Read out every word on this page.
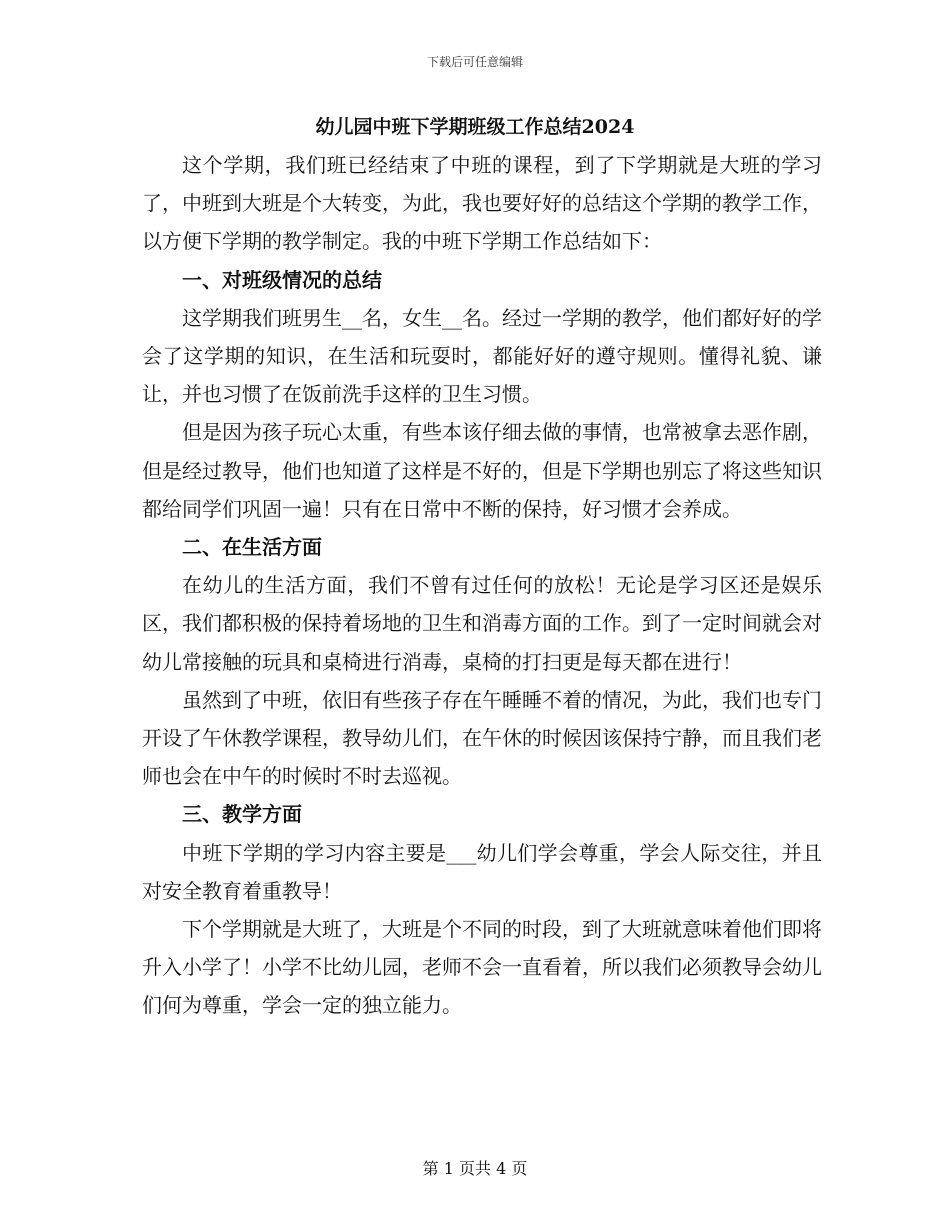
下载后可任意编辑
幼儿园中班下学期班级工作总结2024

这个学期，我们班已经结束了中班的课程，到了下学期就是大班的学习了，中班到大班是个大转变，为此，我也要好好的总结这个学期的教学工作，以方便下学期的教学制定。我的中班下学期工作总结如下：

一、对班级情况的总结

这学期我们班男生__名，女生__名。经过一学期的教学，他们都好好的学会了这学期的知识，在生活和玩耍时，都能好好的遵守规则。懂得礼貌、谦让，并也习惯了在饭前洗手这样的卫生习惯。

但是因为孩子玩心太重，有些本该仔细去做的事情，也常被拿去恶作剧，但是经过教导，他们也知道了这样是不好的，但是下学期也别忘了将这些知识都给同学们巩固一遍！只有在日常中不断的保持，好习惯才会养成。

二、在生活方面

在幼儿的生活方面，我们不曾有过任何的放松！无论是学习区还是娱乐区，我们都积极的保持着场地的卫生和消毒方面的工作。到了一定时间就会对幼儿常接触的玩具和桌椅进行消毒，桌椅的打扫更是每天都在进行！

虽然到了中班，依旧有些孩子存在午睡睡不着的情况，为此，我们也专门开设了午休教学课程，教导幼儿们，在午休的时候因该保持宁静，而且我们老师也会在中午的时候时不时去巡视。

三、教学方面

中班下学期的学习内容主要是___幼儿们学会尊重，学会人际交往，并且对安全教育着重教导！

下个学期就是大班了，大班是个不同的时段，到了大班就意味着他们即将升入小学了！小学不比幼儿园，老师不会一直看着，所以我们必须教导会幼儿们何为尊重，学会一定的独立能力。

第 1 页共 4 页
